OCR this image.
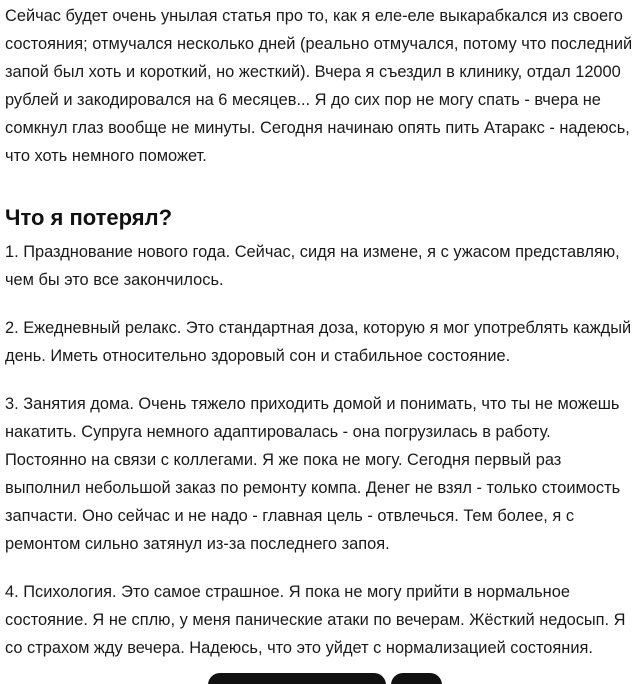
Сейчас будет очень унылая статья про то, как я еле-еле выкарабкался из своего состояния; отмучался несколько дней (реально отмучался, потому что последний запой был хоть и короткий, но жесткий). Вчера я съездил в клинику, отдал 12000 рублей и закодировался на 6 месяцев... Я до сих пор не могу спать - вчера не сомкнул глаз вообще не минуты. Сегодня начинаю опять пить Атаракс - надеюсь, что хоть немного поможет.

Что я потерял?

1. Празднование нового года. Сейчас, сидя на измене, я с ужасом представляю, чем бы это все закончилось.

2. Ежедневный релакс. Это стандартная доза, которую я мог употреблять каждый день. Иметь относительно здоровый сон и стабильное состояние.

3. Занятия дома. Очень тяжело приходить домой и понимать, что ты не можешь накатить. Супруга немного адаптировалась - она погрузилась в работу. Постоянно на связи с коллегами. Я же пока не могу. Сегодня первый раз выполнил небольшой заказ по ремонту компа. Денег не взял - только стоимость запчасти. Оно сейчас и не надо - главная цель - отвлечься. Тем более, я с ремонтом сильно затянул из-за последнего запоя.

4. Психология. Это самое страшное. Я пока не могу прийти в нормальное состояние. Я не сплю, у меня панические атаки по вечерам. Жёсткий недосып. Я со страхом жду вечера. Надеюсь, что это уйдет с нормализацией состояния.
